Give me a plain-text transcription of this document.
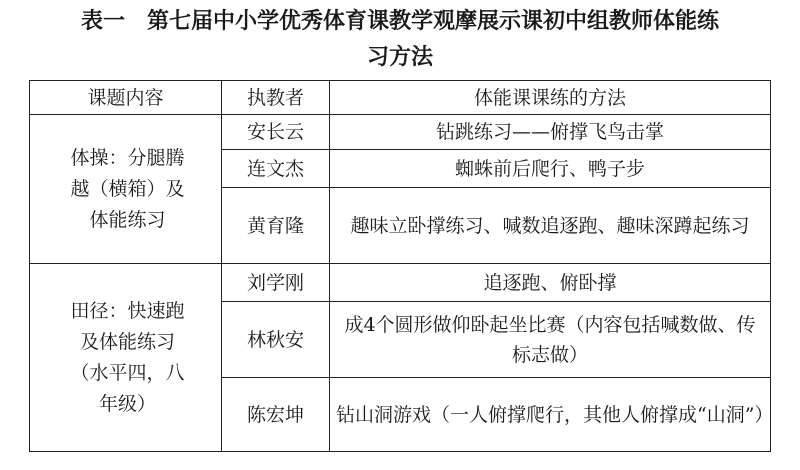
表一　第七届中小学优秀体育课教学观摩展示课初中组教师体能练
习方法
课题内容	执教者	体能课课练的方法

体操：分腿腾
越（横箱）及
体能练习	安长云	钻跳练习——俯撑飞鸟击掌
	连文杰	蜘蛛前后爬行、鸭子步
	黄育隆	趣味立卧撑练习、喊数追逐跑、趣味深蹲起练习

田径：快速跑
及体能练习
（水平四，八
年级）	刘学刚	追逐跑、俯卧撑
	林秋安	成4个圆形做仰卧起坐比赛（内容包括喊数做、传标志做）
	陈宏坤	钻山洞游戏（一人俯撑爬行，其他人俯撑成“山洞”）
